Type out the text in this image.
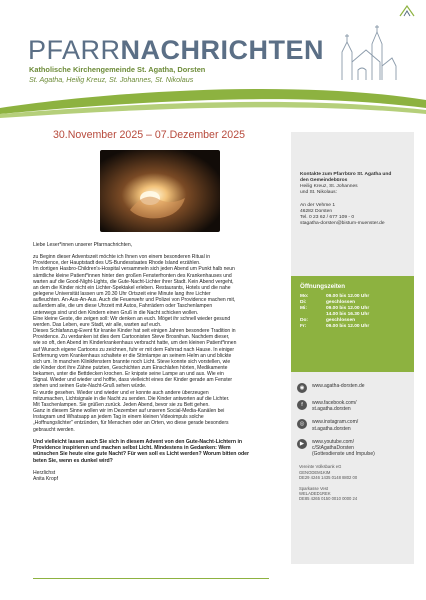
PFARRNACHRICHTEN
Katholische Kirchengemeinde St. Agatha, Dorsten
St. Agatha, Heilig Kreuz, St. Johannes, St. Nikolaus
30.November 2025 – 07.Dezember 2025

Liebe Leser*innen unserer Pfarrnachrichten,

zu Beginn dieser Adventszeit möchte ich Ihnen von einem besonderen Ritual in

Providence, der Hauptstadt des US-Bundesstaates Rhode Island erzählen.

Im dortigen Hasbro-Children's-Hospital versammeln sich jeden Abend um Punkt halb neun

sämtliche kleine Patient*innen hinter den großen Fensterfronten des Krankenhauses und

warten auf die Good-Night-Lights, die Gute-Nacht-Lichter ihrer Stadt. Kein Abend vergeht,

an dem die Kinder nicht ein Lichter-Spektakel erleben. Restaurants, Hotels und die nahe

gelegene Universität lassen um 20.30 Uhr Ortszeit eine Minute lang ihre Lichter

aufleuchten. An-Aus-An-Aus. Auch die Feuerwehr und Polizei von Providence machen mit,

außerdem alle, die um diese Uhrzeit mit Autos, Fahrrädern oder Taschenlampen

unterwegs sind und den Kindern einen Gruß in die Nacht schicken wollen.

Eine kleine Geste, die zeigen soll: Wir denken an euch. Möget ihr schnell wieder gesund

werden. Das Leben, eure Stadt, wir alle, warten auf euch.

Dieses Schlafanzug-Event für kranke Kinder hat seit einigen Jahren besondere Tradition in

Providence. Zu verdanken ist dies dem Cartoonisten Steve Brosnihan. Nachdem dieser,

wie so oft, den Abend im Kinderkrankenhaus verbracht hatte, um den kleinen Patient*innen

auf Wunsch eigene Cartoons zu zeichnen, fuhr er mit dem Fahrrad nach Hause. In einiger

Entfernung vom Krankenhaus schaltete er die Stirnlampe an seinem Helm an und blickte

sich um. In manchen Klinikfenstern brannte noch Licht. Steve konnte sich vorstellen, wie

die Kinder dort ihre Zähne putzten, Geschichten zum Einschlafen hörten, Medikamente

bekamen, unter die Bettdecken krochen. Er knipste seine Lampe an und aus. Wie ein

Signal. Wieder und wieder und hoffte, dass vielleicht eines der Kinder gerade am Fenster

stehen und seinen Gute-Nacht-Gruß sehen würde.

Er wurde gesehen. Wieder und wieder und er konnte auch andere überzeugen

mitzumachen, Lichtsignale in die Nacht zu senden. Die Kinder antworten auf die Lichter.

Mit Taschenlampen. Sie grüßen zurück. Jeden Abend, bevor sie zu Bett gehen.

Ganz in diesem Sinne wollen wir im Dezember auf unseren Social-Media-Kanälen bei

Instagram und Whatsapp an jedem Tag in einem kleinen Videoimpuls solche

„Hoffnungslichter" entzünden, für Menschen oder an Orten, wo diese gerade besonders

gebraucht werden.

Und vielleicht lassen auch Sie sich in diesem Advent von den Gute-Nacht-Lichtern in

Providence inspirieren und machen selbst Licht. Mindestens in Gedanken: Wem

wünschen Sie heute eine gute Nacht? Für wen soll es Licht werden? Worum bitten oder

beten Sie, wenn es dunkel wird?

Herzlichst

Anita Kropf

Kontakte zum Pfarrbüro St. Agatha und
den Gemeindebüros
Heilig Kreuz, St. Johannes
und St. Nikolaus:
An der Vehme 1
46282 Dorsten
Tel. 0 23 62 / 677 109 - 0
stagatha-dorsten@bistum-muenster.de
Öffnungszeiten
Mo:	09.00 bis 12.00 Uhr
Di:	geschlossen
Mi:	09.00 bis 12.00 Uhr
14.00 bis 16.30 Uhr
Do:	geschlossen
Fr:	09.00 bis 12.00 Uhr
◉	www.agatha-dorsten.de
f	www.facebook.com/
st.agatha.dorsten
◎	www.instagram.com/
st.agatha.dorsten
▶	www.youtube.com/
c/StAgathaDorsten
(Gottesdienste und Impulse)
Vereinte Volksbank eG
GENODEM1KIM
DE29 4246 1435 0148 8802 00
Sparkasse Vest
WELADED1REK
DE85 4265 0150 0010 0000 24
